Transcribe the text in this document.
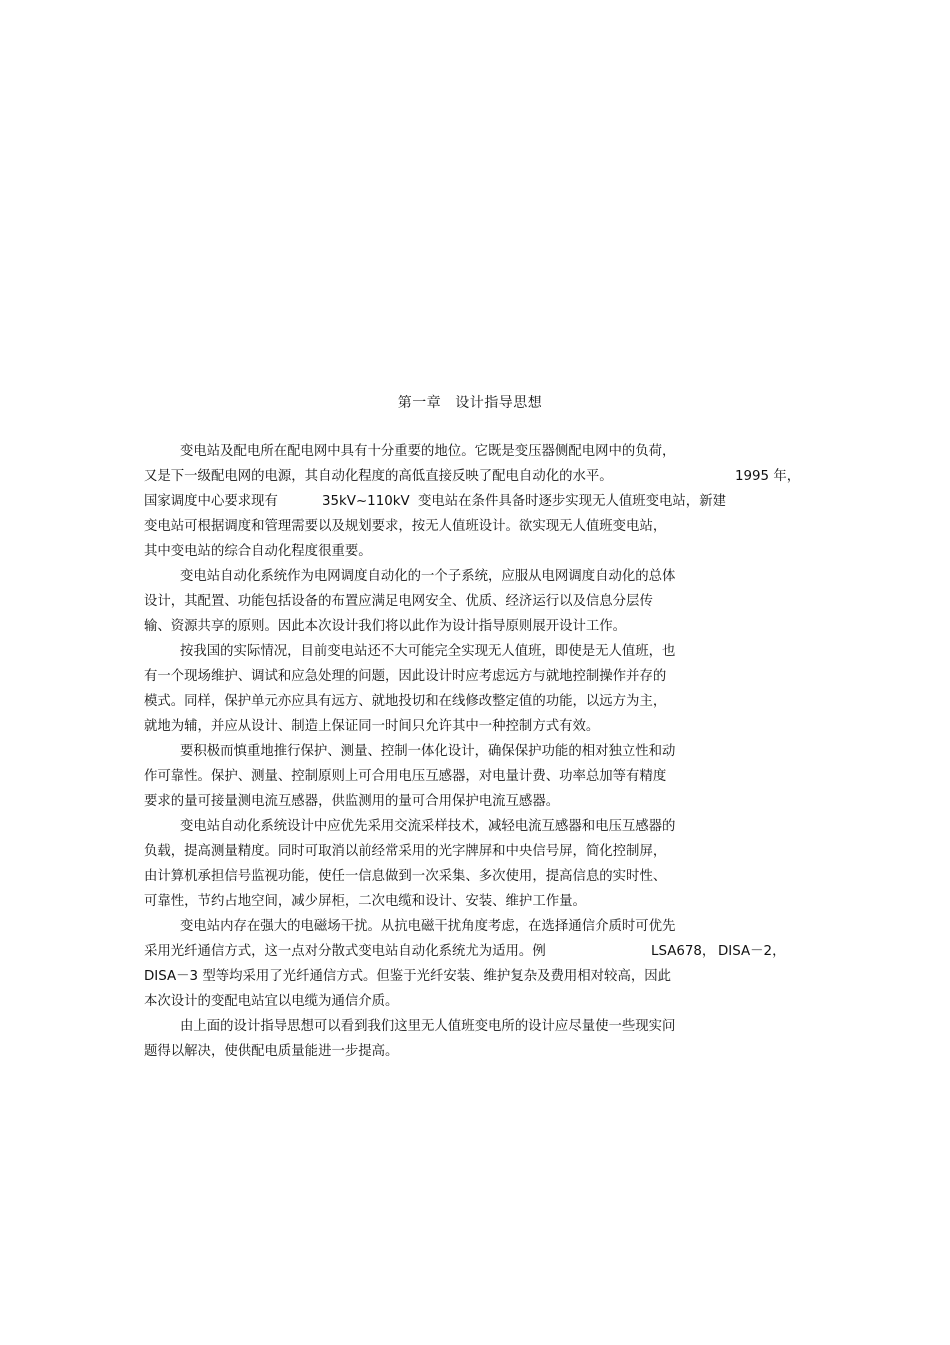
第一章 设计指导思想
变电站及配电所在配电网中具有十分重要的地位。它既是变压器侧配电网中的负荷，
又是下一级配电网的电源，其自动化程度的高低直接反映了配电自动化的水平。	1995 年，
国家调度中心要求现有	35kV~110kV 变电站在条件具备时逐步实现无人值班变电站，新建
变电站可根据调度和管理需要以及规划要求，按无人值班设计。欲实现无人值班变电站，
其中变电站的综合自动化程度很重要。
变电站自动化系统作为电网调度自动化的一个子系统，应服从电网调度自动化的总体
设计，其配置、功能包括设备的布置应满足电网安全、优质、经济运行以及信息分层传
输、资源共享的原则。因此本次设计我们将以此作为设计指导原则展开设计工作。
按我国的实际情况，目前变电站还不大可能完全实现无人值班，即使是无人值班，也
有一个现场维护、调试和应急处理的问题，因此设计时应考虑远方与就地控制操作并存的
模式。同样，保护单元亦应具有远方、就地投切和在线修改整定值的功能，以远方为主，
就地为辅，并应从设计、制造上保证同一时间只允许其中一种控制方式有效。
要积极而慎重地推行保护、测量、控制一体化设计，确保保护功能的相对独立性和动
作可靠性。保护、测量、控制原则上可合用电压互感器，对电量计费、功率总加等有精度
要求的量可接量测电流互感器，供监测用的量可合用保护电流互感器。
变电站自动化系统设计中应优先采用交流采样技术，减轻电流互感器和电压互感器的
负载，提高测量精度。同时可取消以前经常采用的光字牌屏和中央信号屏，简化控制屏，
由计算机承担信号监视功能，使任一信息做到一次采集、多次使用，提高信息的实时性、
可靠性，节约占地空间，减少屏柜，二次电缆和设计、安装、维护工作量。
变电站内存在强大的电磁场干扰。从抗电磁干扰角度考虑，在选择通信介质时可优先
采用光纤通信方式，这一点对分散式变电站自动化系统尤为适用。例	LSA678， DISA－2，
DISA－3 型等均采用了光纤通信方式。但鉴于光纤安装、维护复杂及费用相对较高，因此
本次设计的变配电站宜以电缆为通信介质。
由上面的设计指导思想可以看到我们这里无人值班变电所的设计应尽量使一些现实问
题得以解决，使供配电质量能进一步提高。
